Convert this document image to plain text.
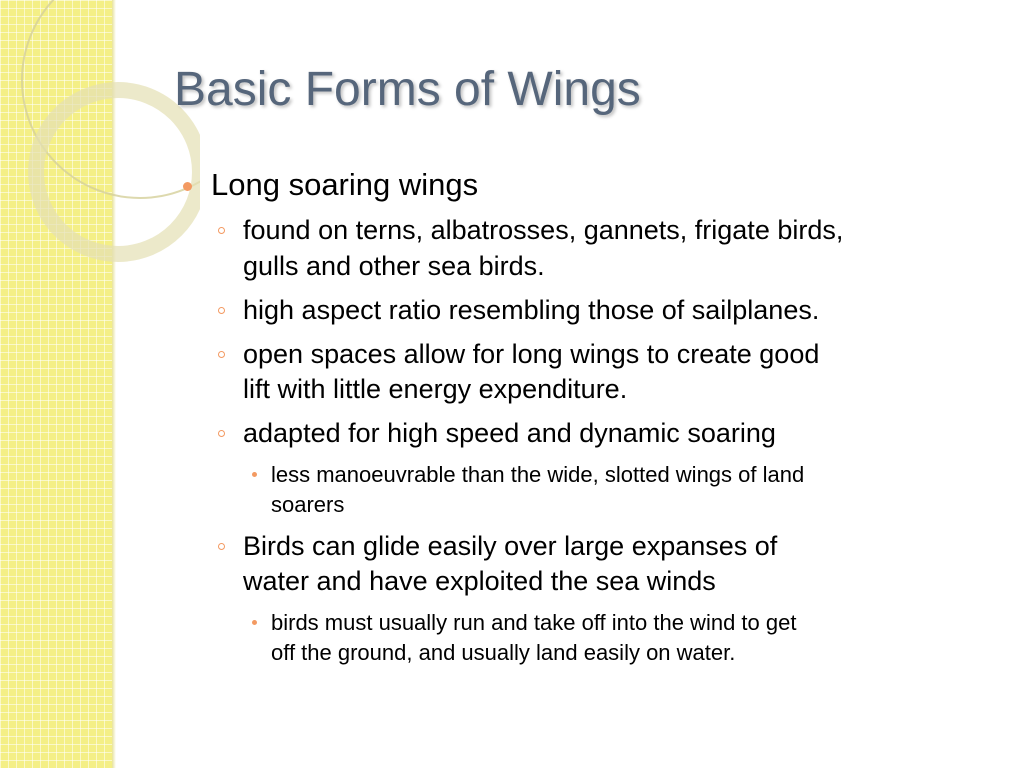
Basic Forms of Wings
Long soaring wings
found on terns, albatrosses, gannets, frigate birds,
gulls and other sea birds.
high aspect ratio resembling those of sailplanes.
open spaces allow for long wings to create good
lift with little energy expenditure.
adapted for high speed and dynamic soaring
less manoeuvrable than the wide, slotted wings of land
soarers
Birds can glide easily over large expanses of
water and have exploited the sea winds
birds must usually run and take off into the wind to get
off the ground, and usually land easily on water.
